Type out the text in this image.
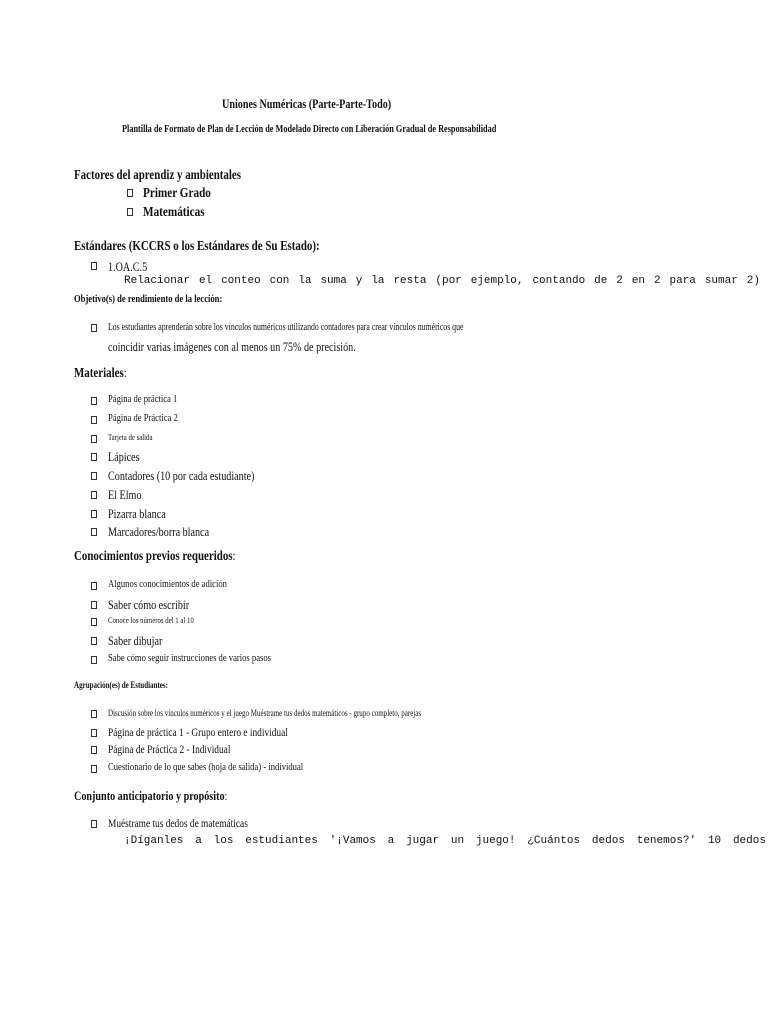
Uniones Numéricas (Parte-Parte-Todo)
Plantilla de Formato de Plan de Lección de Modelado Directo con Liberación Gradual de Responsabilidad
Factores del aprendiz y ambientales
Primer Grado
Matemáticas
Estándares (KCCRS o los Estándares de Su Estado):
1.OA.C.5
Relacionar el conteo con la suma y la resta (por ejemplo, contando de 2 en 2 para sumar 2)
Objetivo(s) de rendimiento de la lección:
Los estudiantes aprenderán sobre los vínculos numéricos utilizando contadores para crear vínculos numéricos que
coincidir varias imágenes con al menos un 75% de precisión.
Materiales:
Página de práctica 1
Página de Práctica 2
Tarjeta de salida
Lápices
Contadores (10 por cada estudiante)
El Elmo
Pizarra blanca
Marcadores/borra blanca
Conocimientos previos requeridos:
Algunos conocimientos de adición
Saber cómo escribir
Conoce los números del 1 al 10
Saber dibujar
Sabe cómo seguir instrucciones de varios pasos
Agrupación(es) de Estudiantes:
Discusión sobre los vínculos numéricos y el juego Muéstrame tus dedos matemáticos - grupo completo, parejas
Página de práctica 1 - Grupo entero e individual
Página de Práctica 2 - Individual
Cuestionario de lo que sabes (hoja de salida) - individual
Conjunto anticipatorio y propósito:
Muéstrame tus dedos de matemáticas
¡Díganles a los estudiantes '¡Vamos a jugar un juego! ¿Cuántos dedos tenemos?' 10 dedos
